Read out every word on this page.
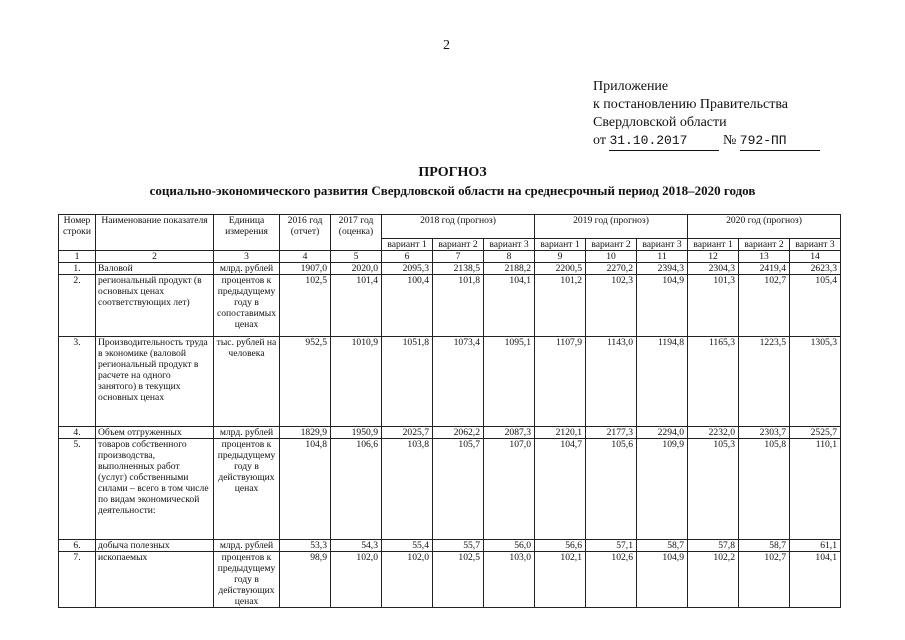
2
Приложение
к постановлению Правительства
Свердловской области
от 31.10.2017	№ 792-ПП
ПРОГНОЗ
социально-экономического развития Свердловской области на среднесрочный период 2018–2020 годов
Номер строки	Наименование показателя	Единица измерения	2016 год (отчет)	2017 год (оценка)	2018 год (прогноз)			2019 год (прогноз)			2020 год (прогноз)		
					вариант 1	вариант 2	вариант 3	вариант 1	вариант 2	вариант 3	вариант 1	вариант 2	вариант 3
1	2	3	4	5	6	7	8	9	10	11	12	13	14
1.	Валовой	млрд. рублей	1907,0	2020,0	2095,3	2138,5	2188,2	2200,5	2270,2	2394,3	2304,3	2419,4	2623,3
2.	региональный продукт (в основных ценах соответствующих лет)	процентов к предыдущему году в сопоставимых ценах	102,5	101,4	100,4	101,8	104,1	101,2	102,3	104,9	101,3	102,7	105,4
3.	Производительность труда в экономике (валовой региональный продукт в расчете на одного занятого) в текущих основных ценах	тыс. рублей на человека	952,5	1010,9	1051,8	1073,4	1095,1	1107,9	1143,0	1194,8	1165,3	1223,5	1305,3
4.	Объем отгруженных	млрд. рублей	1829,9	1950,9	2025,7	2062,2	2087,3	2120,1	2177,3	2294,0	2232,0	2303,7	2525,7
5.	товаров собственного производства, выполненных работ (услуг) собственными силами – всего в том числе по видам экономической деятельности:	процентов к предыдущему году в действующих ценах	104,8	106,6	103,8	105,7	107,0	104,7	105,6	109,9	105,3	105,8	110,1
6.	добыча полезных	млрд. рублей	53,3	54,3	55,4	55,7	56,0	56,6	57,1	58,7	57,8	58,7	61,1
7.	ископаемых	процентов к предыдущему году в действующих ценах	98,9	102,0	102,0	102,5	103,0	102,1	102,6	104,9	102,2	102,7	104,1
